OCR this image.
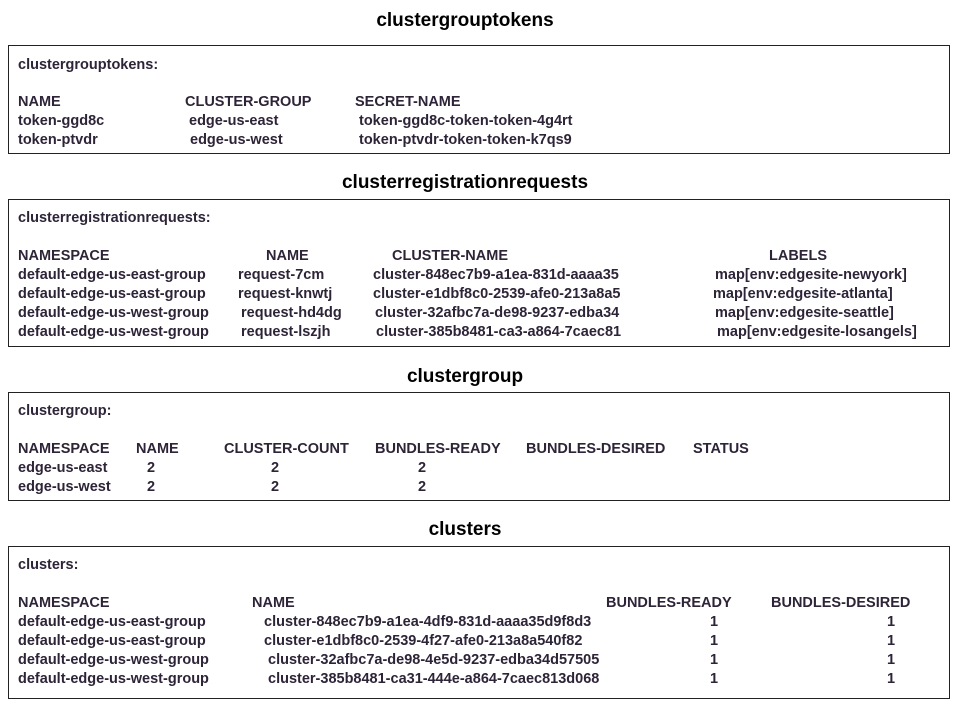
clustergrouptokens
clustergrouptokens:
NAME	CLUSTER-GROUP	SECRET-NAME
token-ggd8c	edge-us-east	token-ggd8c-token-token-4g4rt
token-ptvdr	edge-us-west	token-ptvdr-token-token-k7qs9
clusterregistrationrequests
clusterregistrationrequests:
NAMESPACE	NAME	CLUSTER-NAME	LABELS
default-edge-us-east-group request-7cm	cluster-848ec7b9-a1ea-831d-aaaa35	map[env:edgesite-newyork]
default-edge-us-east-group request-knwtj	cluster-e1dbf8c0-2539-afe0-213a8a5	map[env:edgesite-atlanta]
default-edge-us-west-group request-hd4dg cluster-32afbc7a-de98-9237-edba34	map[env:edgesite-seattle]
default-edge-us-west-group request-lszjh	cluster-385b8481-ca3-a864-7caec81	map[env:edgesite-losangels]
clustergroup
clustergroup:
NAMESPACE NAME	CLUSTER-COUNT BUNDLES-READY BUNDLES-DESIRED STATUS
edge-us-east	2	2	2
edge-us-west	2	2	2
clusters
clusters:
NAMESPACE	NAME	BUNDLES-READY	BUNDLES-DESIRED
default-edge-us-east-group	cluster-848ec7b9-a1ea-4df9-831d-aaaa35d9f8d3	1	1
default-edge-us-east-group	cluster-e1dbf8c0-2539-4f27-afe0-213a8a540f82	1	1
default-edge-us-west-group	cluster-32afbc7a-de98-4e5d-9237-edba34d57505	1	1
default-edge-us-west-group	cluster-385b8481-ca31-444e-a864-7caec813d068	1	1
